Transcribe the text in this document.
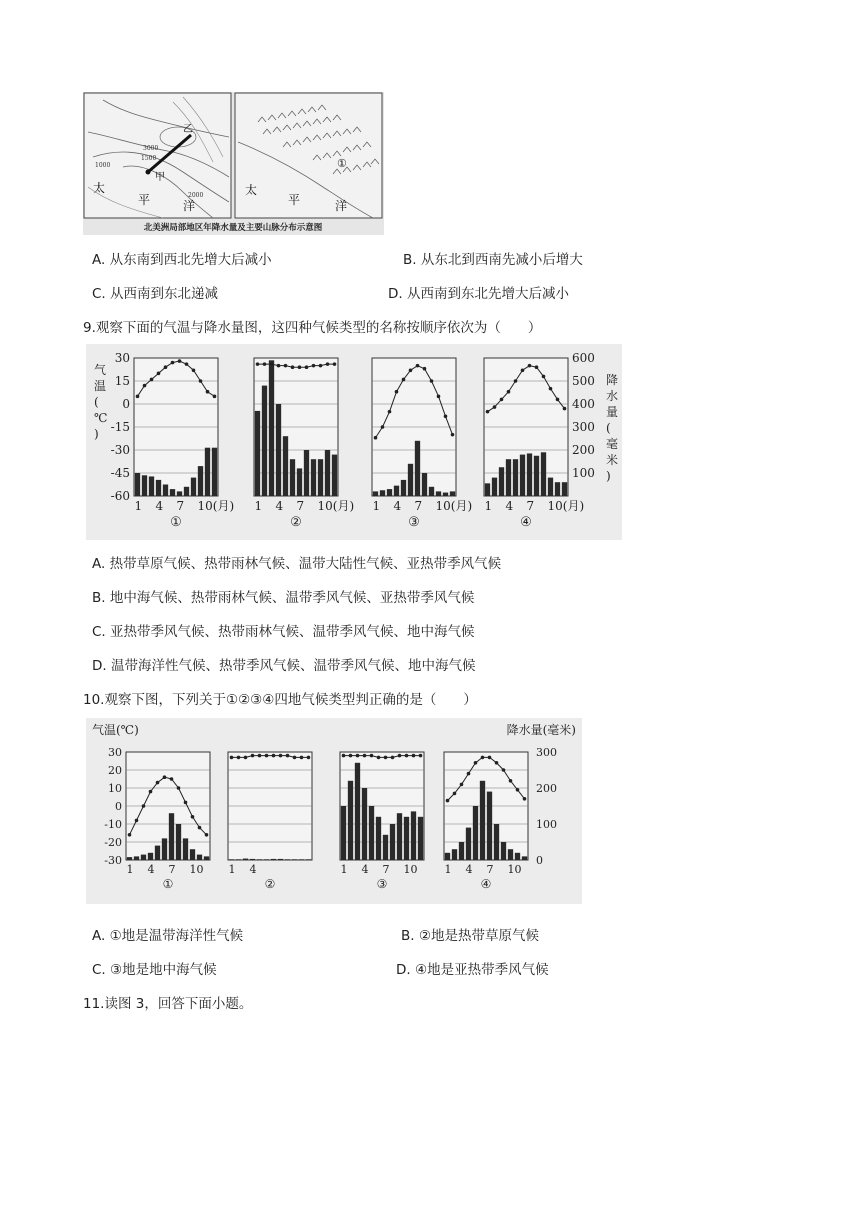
甲
乙
太
平	洋
1000
1500
2000
3000
①
太
平	洋
北美洲局部地区年降水量及主要山脉分布示意图
A. 从东南到西北先增大后减小	B. 从东北到西南先减小后增大
C. 从西南到东北递减	D. 从西南到东北先增大后减小
9.观察下面的气温与降水量图，这四种气候类型的名称按顺序依次为（　　）
气
温
(
℃
)
降
水
量
(
毫
米
)
30
15
0
-15
-30
-45
-60
600
500
400
300
200
100
1 4 7 10(月)
①
1 4 7 10(月)
②
1 4 7 10(月)
③
1 4 7 10(月)
④
A. 热带草原气候、热带雨林气候、温带大陆性气候、亚热带季风气候
B. 地中海气候、热带雨林气候、温带季风气候、亚热带季风气候
C. 亚热带季风气候、热带雨林气候、温带季风气候、地中海气候
D. 温带海洋性气候、热带季风气候、温带季风气候、地中海气候
10.观察下图，下列关于①②③④四地气候类型判正确的是（　　）
气温(℃)	降水量(毫米)
30
20
10
0
-10
-20
-30
300
200
100
0
1 4 7 10
①
1 4
②
1 4 7 10
③
1 4 7 10
④
A. ①地是温带海洋性气候	B. ②地是热带草原气候
C. ③地是地中海气候	D. ④地是亚热带季风气候
11.读图 3，回答下面小题。
